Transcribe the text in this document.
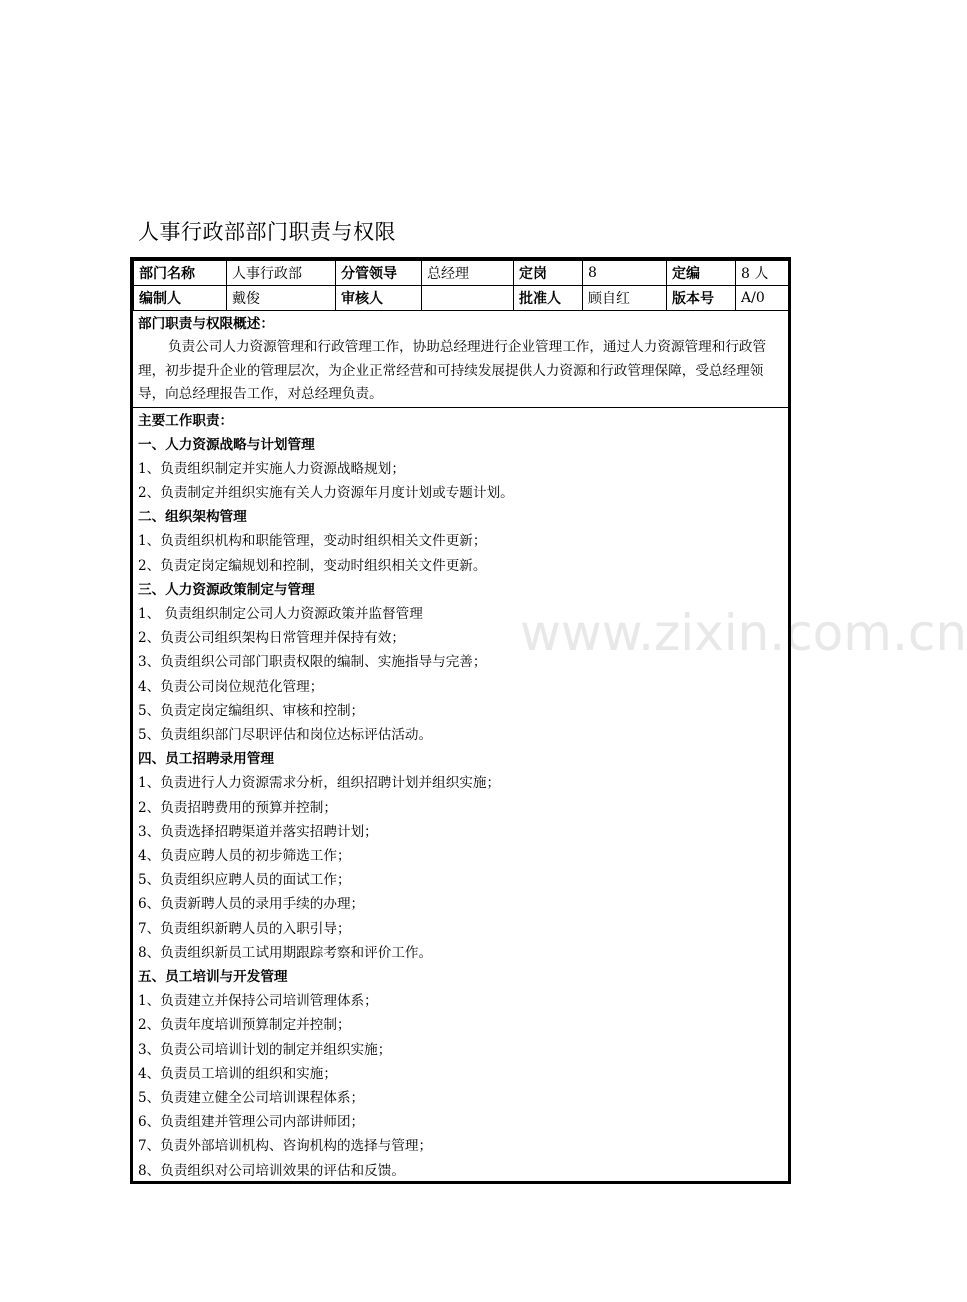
人事行政部部门职责与权限
www.zixin.com.cn
部门名称	人事行政部	分管领导	总经理	定岗	8	定编	8 人
编制人	戴俊	审核人		批准人	顾自红	版本号	A/0
部门职责与权限概述：
负责公司人力资源管理和行政管理工作，协助总经理进行企业管理工作，通过人力资源管理和行政管理，初步提升企业的管理层次，为企业正常经营和可持续发展提供人力资源和行政管理保障，受总经理领导，向总经理报告工作，对总经理负责。
主要工作职责：
一、人力资源战略与计划管理
1、负责组织制定并实施人力资源战略规划；
2、负责制定并组织实施有关人力资源年月度计划或专题计划。
二、组织架构管理
1、负责组织机构和职能管理，变动时组织相关文件更新；
2、负责定岗定编规划和控制，变动时组织相关文件更新。
三、人力资源政策制定与管理
1、 负责组织制定公司人力资源政策并监督管理
2、负责公司组织架构日常管理并保持有效；
3、负责组织公司部门职责权限的编制、实施指导与完善；
4、负责公司岗位规范化管理；
5、负责定岗定编组织、审核和控制；
5、负责组织部门尽职评估和岗位达标评估活动。
四、员工招聘录用管理
1、负责进行人力资源需求分析，组织招聘计划并组织实施；
2、负责招聘费用的预算并控制；
3、负责选择招聘渠道并落实招聘计划；
4、负责应聘人员的初步筛选工作；
5、负责组织应聘人员的面试工作；
6、负责新聘人员的录用手续的办理；
7、负责组织新聘人员的入职引导；
8、负责组织新员工试用期跟踪考察和评价工作。
五、员工培训与开发管理
1、负责建立并保持公司培训管理体系；
2、负责年度培训预算制定并控制；
3、负责公司培训计划的制定并组织实施；
4、负责员工培训的组织和实施；
5、负责建立健全公司培训课程体系；
6、负责组建并管理公司内部讲师团；
7、负责外部培训机构、咨询机构的选择与管理；
8、负责组织对公司培训效果的评估和反馈。
